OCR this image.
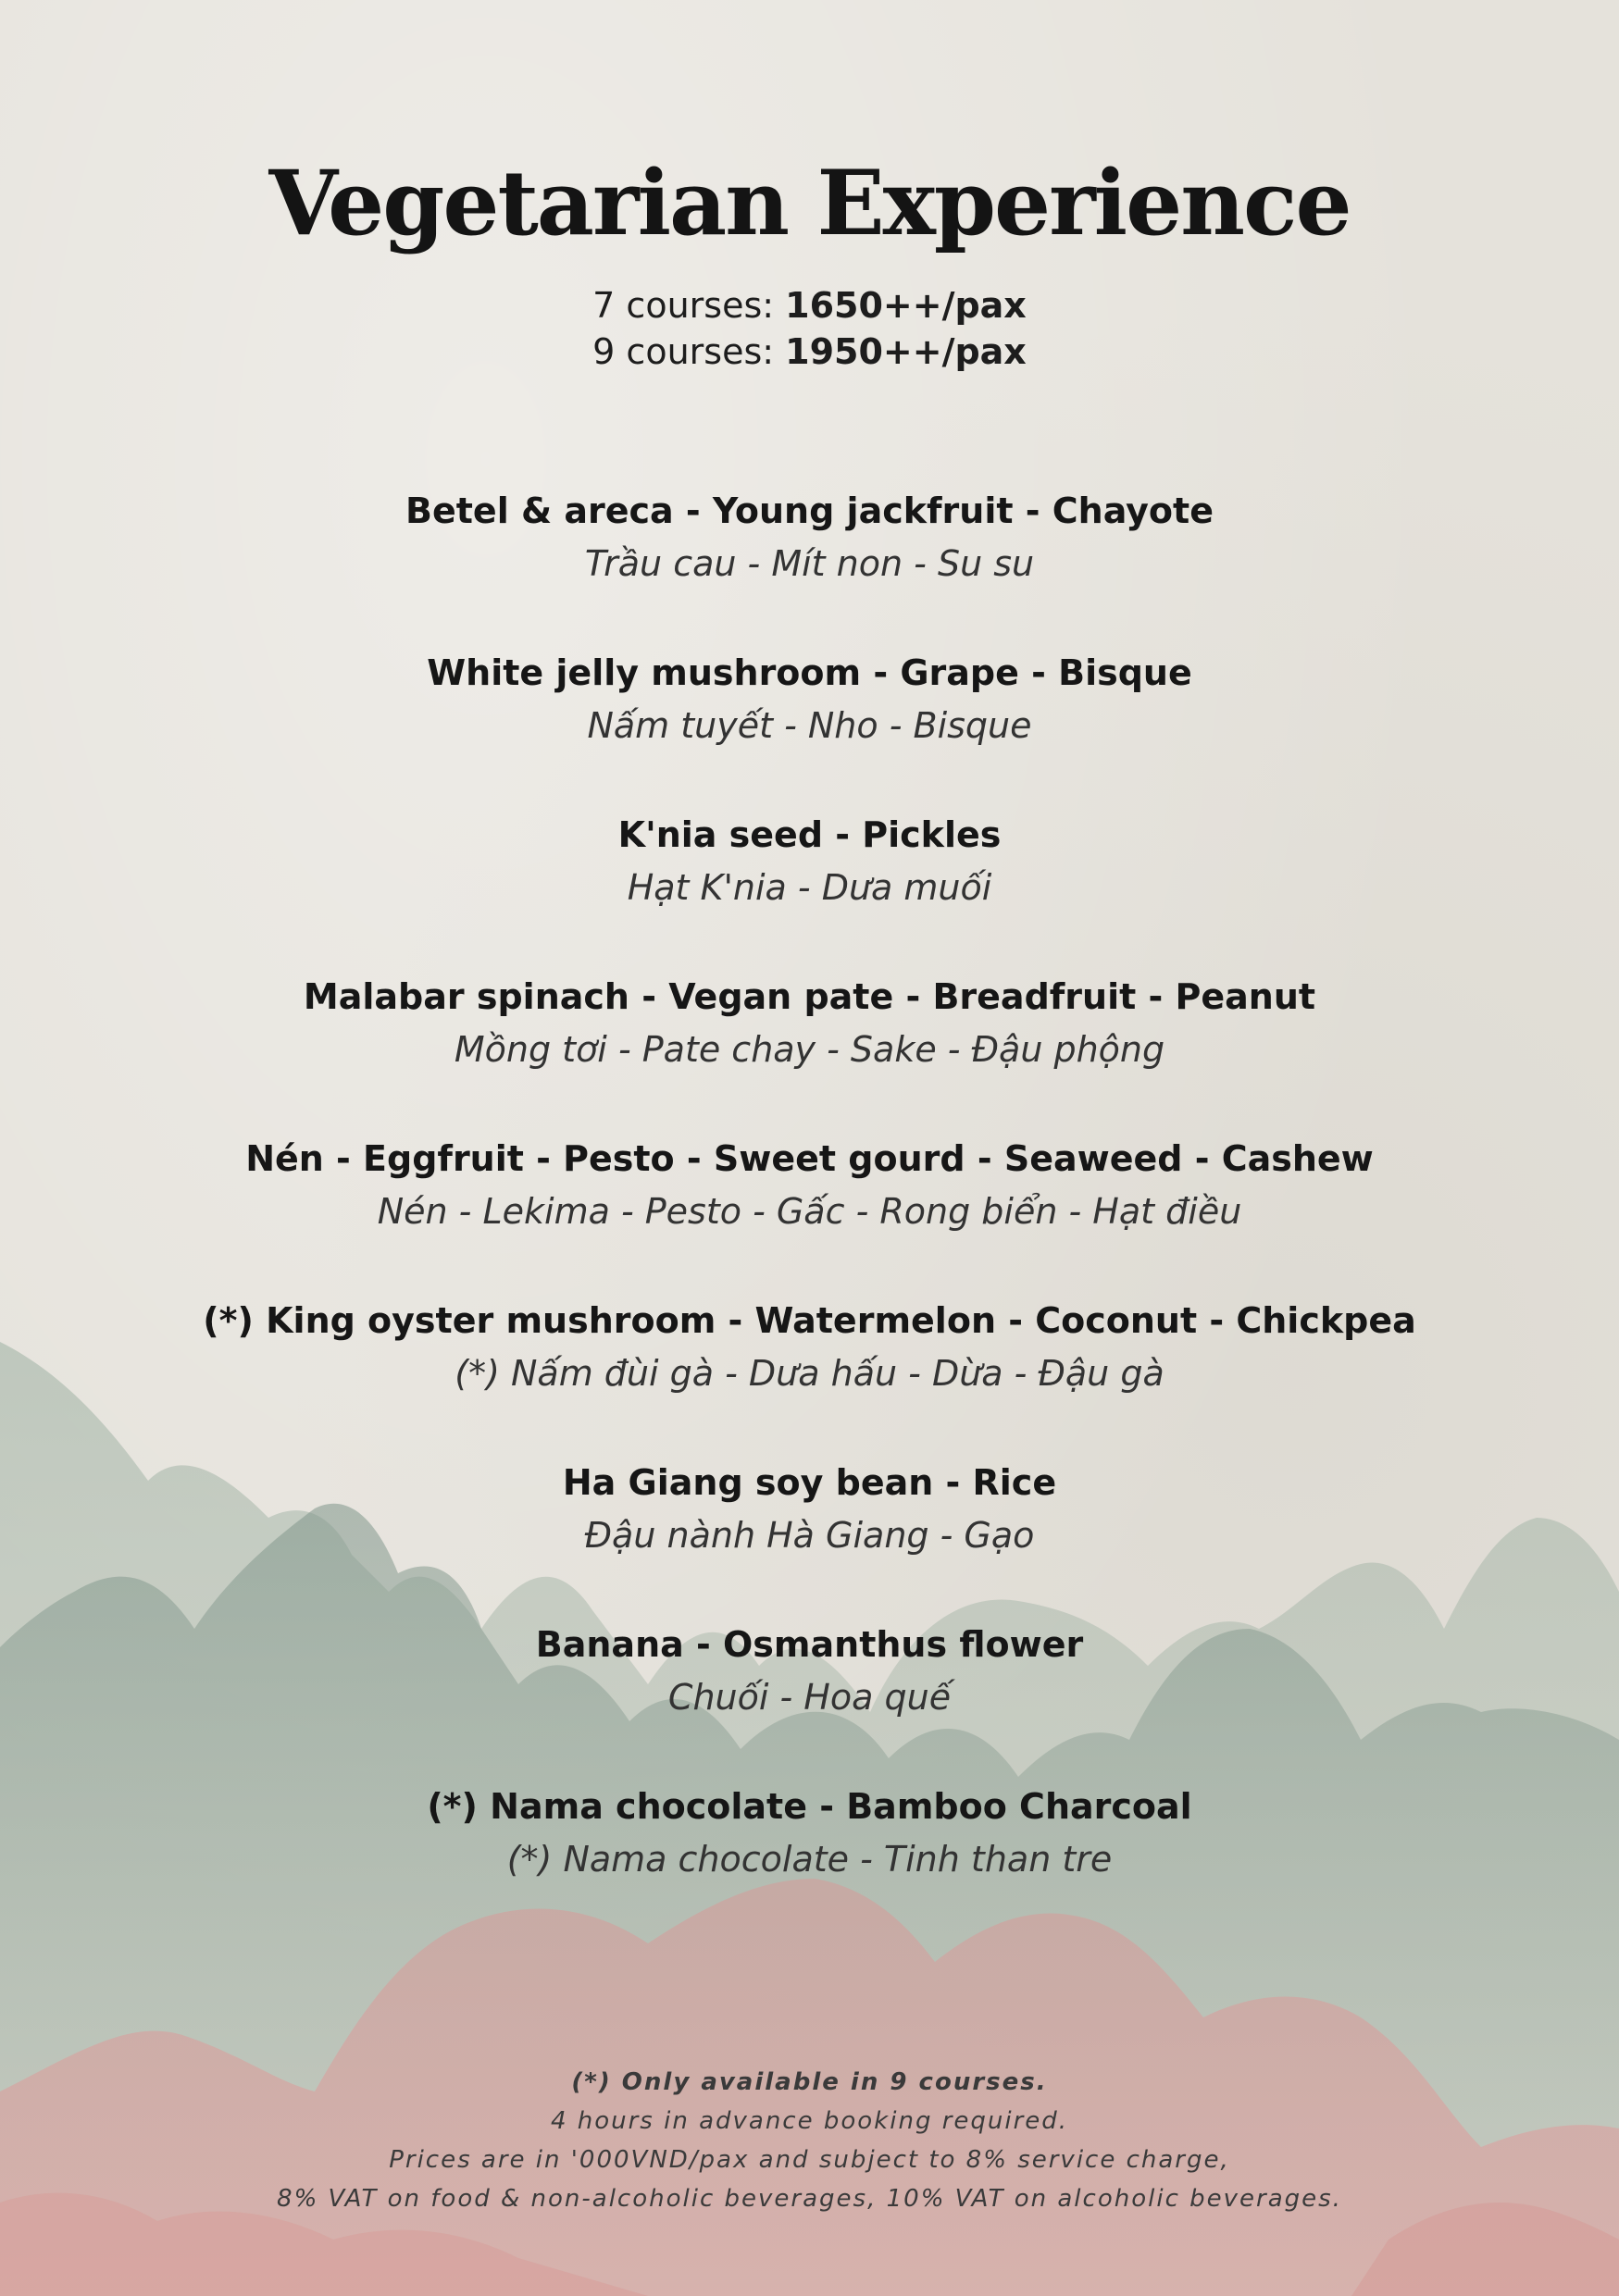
Vegetarian Experience
7 courses: 1650++/pax
9 courses: 1950++/pax
Betel & areca - Young jackfruit - Chayote
Trầu cau - Mít non - Su su
White jelly mushroom - Grape - Bisque
Nấm tuyết - Nho - Bisque
K'nia seed - Pickles
Hạt K'nia - Dưa muối
Malabar spinach - Vegan pate - Breadfruit - Peanut
Mồng tơi - Pate chay - Sake - Đậu phộng
Nén - Eggfruit - Pesto - Sweet gourd - Seaweed - Cashew
Nén - Lekima - Pesto - Gấc - Rong biển - Hạt điều
(*) King oyster mushroom - Watermelon - Coconut - Chickpea
(*) Nấm đùi gà - Dưa hấu - Dừa - Đậu gà
Ha Giang soy bean - Rice
Đậu nành Hà Giang - Gạo
Banana - Osmanthus flower
Chuối - Hoa quế
(*) Nama chocolate - Bamboo Charcoal
(*) Nama chocolate - Tinh than tre
(*) Only available in 9 courses.
4 hours in advance booking required.
Prices are in '000VND/pax and subject to 8% service charge,
8% VAT on food & non-alcoholic beverages, 10% VAT on alcoholic beverages.
